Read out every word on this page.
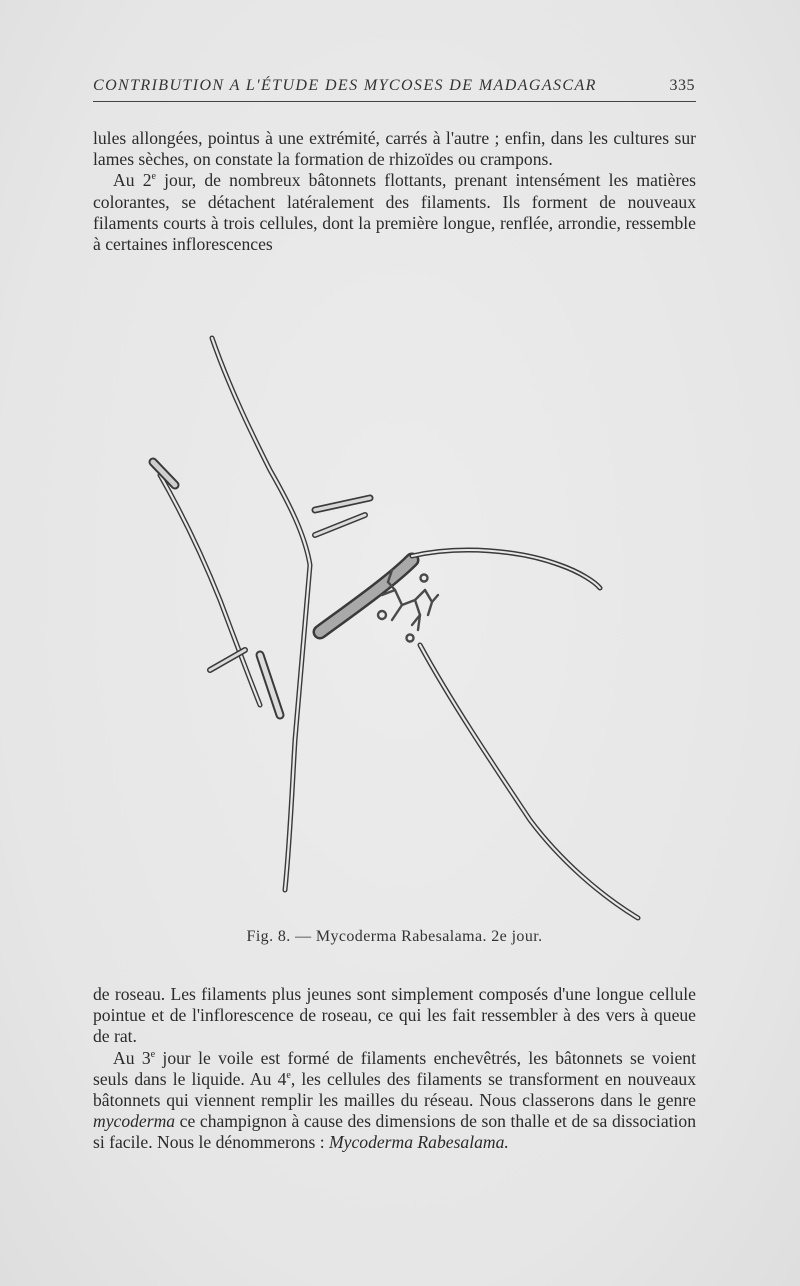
CONTRIBUTION A L'ÉTUDE DES MYCOSES DE MADAGASCAR	335

lules allongées, pointus à une extrémité, carrés à l'autre ; enfin, dans les cultures sur lames sèches, on constate la formation de rhizoïdes ou crampons.

Au 2e jour, de nombreux bâtonnets flottants, prenant intensément les matières colorantes, se détachent latéralement des filaments. Ils forment de nouveaux filaments courts à trois cellules, dont la première longue, renflée, arrondie, ressemble à certaines inflorescences

Fig. 8. — Mycoderma Rabesalama. 2e jour.

de roseau. Les filaments plus jeunes sont simplement composés d'une longue cellule pointue et de l'inflorescence de roseau, ce qui les fait ressembler à des vers à queue de rat.

Au 3e jour le voile est formé de filaments enchevêtrés, les bâtonnets se voient seuls dans le liquide. Au 4e, les cellules des filaments se transforment en nouveaux bâtonnets qui viennent remplir les mailles du réseau. Nous classerons dans le genre mycoderma ce champignon à cause des dimensions de son thalle et de sa dissociation si facile. Nous le dénommerons : Mycoderma Rabesalama.
